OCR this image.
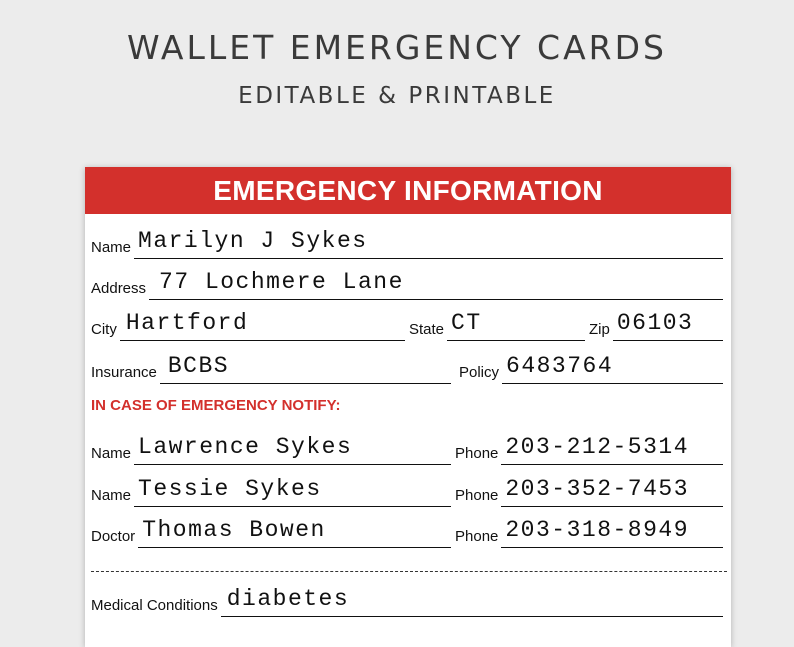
WALLET EMERGENCY CARDS
EDITABLE & PRINTABLE
EMERGENCY INFORMATION
Name Marilyn J Sykes
Address 77 Lochmere Lane
City Hartford	State CT	Zip 06103
Insurance BCBS	Policy 6483764
IN CASE OF EMERGENCY NOTIFY:
Name Lawrence Sykes	Phone 203-212-5314
Name Tessie Sykes	Phone 203-352-7453
Doctor Thomas Bowen	Phone 203-318-8949
Medical Conditions diabetes
